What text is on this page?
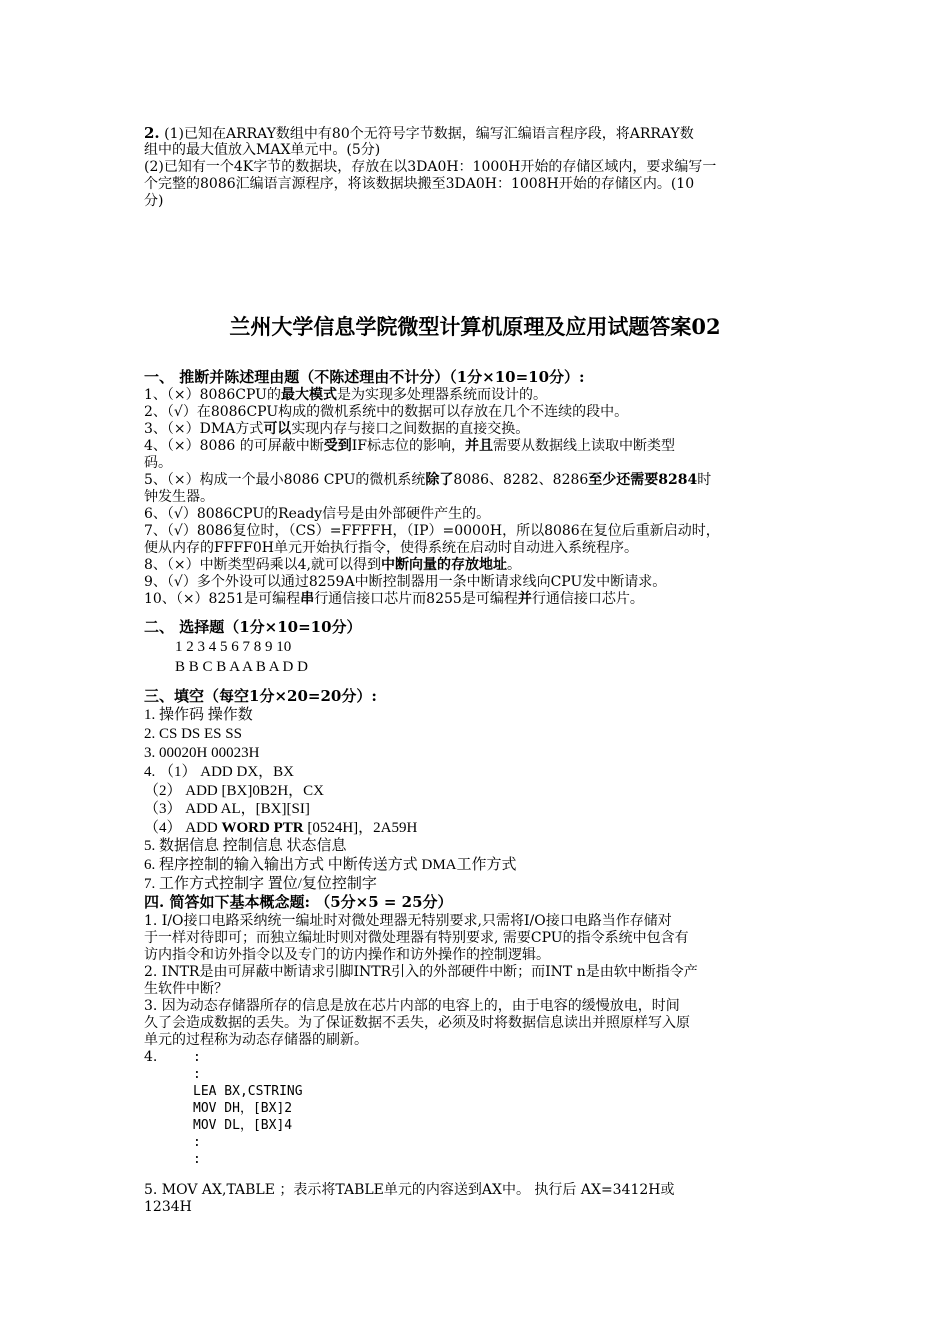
2. (1)已知在ARRAY数组中有80个无符号字节数据，编写汇编语言程序段，将ARRAY数
组中的最大值放入MAX单元中。(5分)
(2)已知有一个4K字节的数据块，存放在以3DA0H：1000H开始的存储区域内，要求编写一
个完整的8086汇编语言源程序，将该数据块搬至3DA0H：1008H开始的存储区内。(10
分)
兰州大学信息学院微型计算机原理及应用试题答案02
一、 推断并陈述理由题（不陈述理由不计分）（1分×10=10分）:
1、（×）8086CPU的最大模式是为实现多处理器系统而设计的。
2、（√）在8086CPU构成的微机系统中的数据可以存放在几个不连续的段中。
3、（×）DMA方式可以实现内存与接口之间数据的直接交换。
4、（×）8086 的可屏蔽中断受到IF标志位的影响，并且需要从数据线上读取中断类型
码。
5、（×）构成一个最小8086 CPU的微机系统除了8086、8282、8286至少还需要8284时
钟发生器。
6、（√）8086CPU的Ready信号是由外部硬件产生的。
7、（√）8086复位时，（CS）=FFFFH，（IP）=0000H，所以8086在复位后重新启动时，
便从内存的FFFF0H单元开始执行指令，使得系统在启动时自动进入系统程序。
8、（×）中断类型码乘以4,就可以得到中断向量的存放地址。
9、（√）多个外设可以通过8259A中断控制器用一条中断请求线向CPU发中断请求。
10、（×）8251是可编程串行通信接口芯片而8255是可编程并行通信接口芯片。
二、 选择题（1分×10=10分）
1 2 3 4 5 6 7 8 9 10
B B C B A A B A D D
三、填空（每空1分×20=20分）:
1. 操作码 操作数
2. CS DS ES SS
3. 00020H 00023H
4. （1） ADD DX，BX
（2） ADD [BX]0B2H，CX
（3） ADD AL，[BX][SI]
（4） ADD WORD PTR [0524H]，2A59H
5. 数据信息 控制信息 状态信息
6. 程序控制的输入输出方式 中断传送方式 DMA工作方式
7. 工作方式控制字 置位/复位控制字
四. 简答如下基本概念题: （5分×5 = 25分）
1. I/O接口电路采纳统一编址时对微处理器无特别要求,只需将I/O接口电路当作存储对
于一样对待即可；而独立编址时则对微处理器有特别要求, 需要CPU的指令系统中包含有
访内指令和访外指令以及专门的访内操作和访外操作的控制逻辑。
2. INTR是由可屏蔽中断请求引脚INTR引入的外部硬件中断；而INT n是由软中断指令产
生软件中断？
3. 因为动态存储器所存的信息是放在芯片内部的电容上的，由于电容的缓慢放电，时间
久了会造成数据的丢失。为了保证数据不丢失，必须及时将数据信息读出并照原样写入原
单元的过程称为动态存储器的刷新。
4.	:
:
LEA BX,CSTRING
MOV DH，[BX]2
MOV DL，[BX]4
:
:
5. MOV AX,TABLE ；表示将TABLE单元的内容送到AX中。 执行后 AX=3412H或
1234H
